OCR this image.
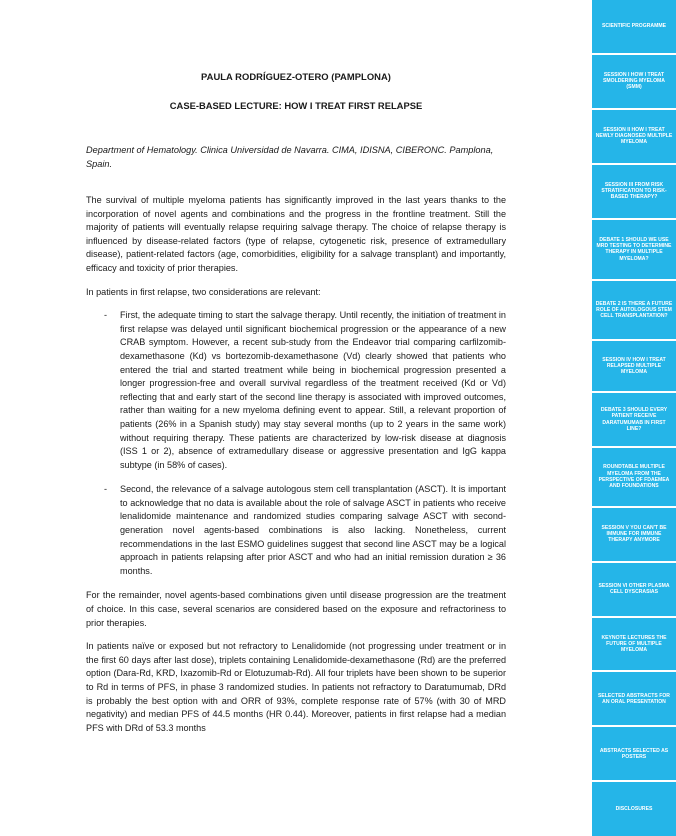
PAULA RODRÍGUEZ-OTERO (PAMPLONA)
CASE-BASED LECTURE: HOW I TREAT FIRST RELAPSE
Department of Hematology. Clinica Universidad de Navarra. CIMA, IDISNA, CIBERONC. Pamplona, Spain.

The survival of multiple myeloma patients has significantly improved in the last years thanks to the incorporation of novel agents and combinations and the progress in the frontline treatment. Still the majority of patients will eventually relapse requiring salvage therapy. The choice of relapse therapy is influenced by disease-related factors (type of relapse, cytogenetic risk, presence of extramedullary disease), patient-related factors (age, comorbidities, eligibility for a salvage transplant) and importantly, efficacy and toxicity of prior therapies.

In patients in first relapse, two considerations are relevant:

- First, the adequate timing to start the salvage therapy. Until recently, the initiation of treatment in first relapse was delayed until significant biochemical progression or the appearance of a new CRAB symptom. However, a recent sub-study from the Endeavor trial comparing carfilzomib-dexamethasone (Kd) vs bortezomib-dexamethasone (Vd) clearly showed that patients who entered the trial and started treatment while being in biochemical progression presented a longer progression-free and overall survival regardless of the treatment received (Kd or Vd) reflecting that and early start of the second line therapy is associated with improved outcomes, rather than waiting for a new myeloma defining event to appear. Still, a relevant proportion of patients (26% in a Spanish study) may stay several months (up to 2 years in the same work) without requiring therapy. These patients are characterized by low-risk disease at diagnosis (ISS 1 or 2), absence of extramedullary disease or aggressive presentation and IgG kappa subtype (in 58% of cases).
- Second, the relevance of a salvage autologous stem cell transplantation (ASCT). It is important to acknowledge that no data is available about the role of salvage ASCT in patients who receive lenalidomide maintenance and randomized studies comparing salvage ASCT with second-generation novel agents-based combinations is also lacking. Nonetheless, current recommendations in the last ESMO guidelines suggest that second line ASCT may be a logical approach in patients relapsing after prior ASCT and who had an initial remission duration ≥ 36 months.

For the remainder, novel agents-based combinations given until disease progression are the treatment of choice. In this case, several scenarios are considered based on the exposure and refractoriness to prior therapies.

In patients naïve or exposed but not refractory to Lenalidomide (not progressing under treatment or in the first 60 days after last dose), triplets containing Lenalidomide-dexamethasone (Rd) are the preferred option (Dara-Rd, KRD, Ixazomib-Rd or Elotuzumab-Rd). All four triplets have been shown to be superior to Rd in terms of PFS, in phase 3 randomized studies. In patients not refractory to Daratumumab, DRd is probably the best option with and ORR of 93%, complete response rate of 57% (with 30 of MRD negativity) and median PFS of 44.5 months (HR 0.44). Moreover, patients in first relapse had a median PFS with DRd of 53.3 months

SCIENTIFIC PROGRAMME
SESSION I HOW I TREAT SMOLDERING MYELOMA (SMM)
SESSION II HOW I TREAT NEWLY DIAGNOSED MULTIPLE MYELOMA
SESSION III FROM RISK STRATIFICATION TO RISK-BASED THERAPY?
DEBATE 1 SHOULD WE USE MRD TESTING TO DETERMINE THERAPY IN MULTIPLE MYELOMA?
DEBATE 2 IS THERE A FUTURE ROLE OF AUTOLOGOUS STEM CELL TRANSPLANTATION?
SESSION IV HOW I TREAT RELAPSED MULTIPLE MYELOMA
DEBATE 3 SHOULD EVERY PATIENT RECEIVE DARATUMUMAB IN FIRST LINE?
ROUNDTABLE MULTIPLE MYELOMA FROM THE PERSPECTIVE OF FDAEMEA AND FOUNDATIONS
SESSION V YOU CAN'T BE IMMUNE FOR IMMUNE THERAPY ANYMORE
SESSION VI OTHER PLASMA CELL DYSCRASIAS
KEYNOTE LECTURES THE FUTURE OF MULTIPLE MYELOMA
SELECTED ABSTRACTS FOR AN ORAL PRESENTATION
ABSTRACTS SELECTED AS POSTERS
DISCLOSURES
